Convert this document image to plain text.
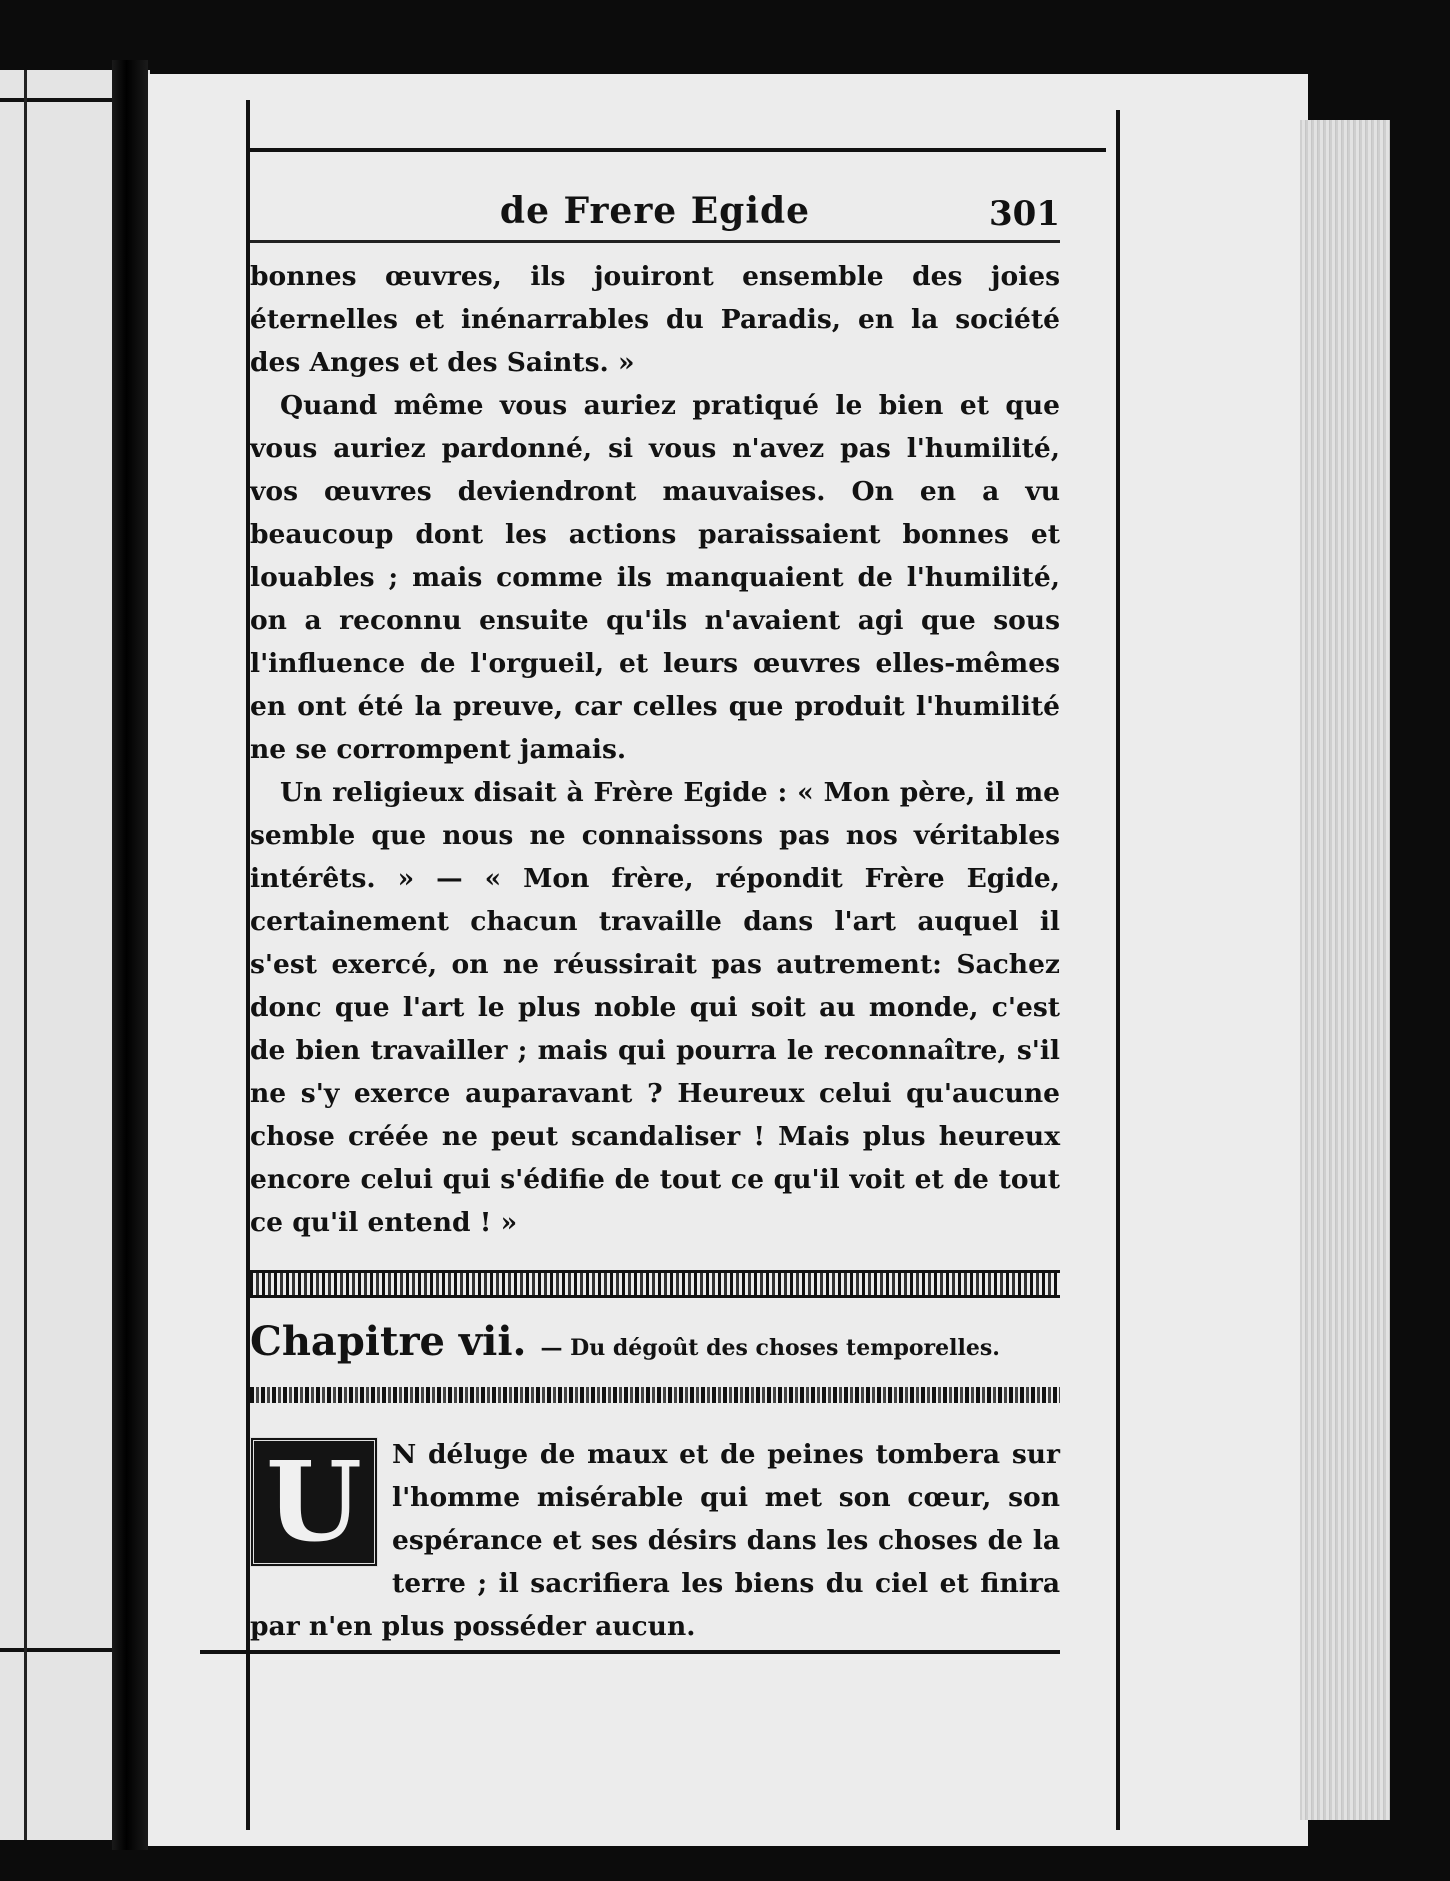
de Frere Egide	301

bonnes œuvres, ils jouiront ensemble des joies éternelles et inénarrables du Paradis, en la société des Anges et des Saints. »

Quand même vous auriez pratiqué le bien et que vous auriez pardonné, si vous n'avez pas l'humilité, vos œuvres deviendront mauvaises. On en a vu beaucoup dont les actions paraissaient bonnes et louables ; mais comme ils manquaient de l'humilité, on a reconnu ensuite qu'ils n'avaient agi que sous l'influence de l'orgueil, et leurs œuvres elles-mêmes en ont été la preuve, car celles que produit l'humilité ne se corrompent jamais.

Un religieux disait à Frère Egide : « Mon père, il me semble que nous ne connaissons pas nos véritables intérêts. » — « Mon frère, répondit Frère Egide, certainement chacun travaille dans l'art auquel il s'est exercé, on ne réussirait pas autrement: Sachez donc que l'art le plus noble qui soit au monde, c'est de bien travailler ; mais qui pourra le reconnaître, s'il ne s'y exerce auparavant ? Heureux celui qu'aucune chose créée ne peut scandaliser ! Mais plus heureux encore celui qui s'édifie de tout ce qu'il voit et de tout ce qu'il entend ! »

Chapitre vii. — Du dégoût des choses temporelles.
U	N déluge de maux et de peines tombera sur l'homme misérable qui met son cœur, son espérance et ses désirs dans les choses de la terre ; il sacrifiera les biens du ciel et finira par n'en plus posséder aucun.
